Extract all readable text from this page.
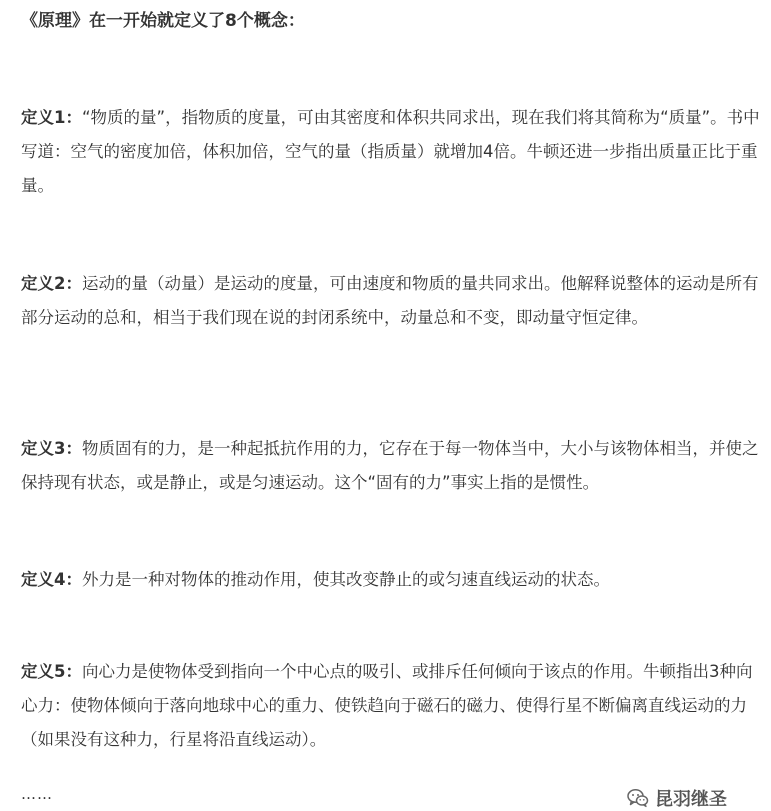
《原理》在一开始就定义了8个概念：

定义1：“物质的量”，指物质的度量，可由其密度和体积共同求出，现在我们将其简称为“质量”。书中写道：空气的密度加倍，体积加倍，空气的量（指质量）就增加4倍。牛顿还进一步指出质量正比于重量。

定义2：运动的量（动量）是运动的度量，可由速度和物质的量共同求出。他解释说整体的运动是所有部分运动的总和，相当于我们现在说的封闭系统中，动量总和不变，即动量守恒定律。

定义3：物质固有的力，是一种起抵抗作用的力，它存在于每一物体当中，大小与该物体相当，并使之保持现有状态，或是静止，或是匀速运动。这个“固有的力”事实上指的是惯性。

定义4：外力是一种对物体的推动作用，使其改变静止的或匀速直线运动的状态。

定义5：向心力是使物体受到指向一个中心点的吸引、或排斥任何倾向于该点的作用。牛顿指出3种向心力：使物体倾向于落向地球中心的重力、使铁趋向于磁石的磁力、使得行星不断偏离直线运动的力（如果没有这种力，行星将沿直线运动）。

……	昆羽继圣
